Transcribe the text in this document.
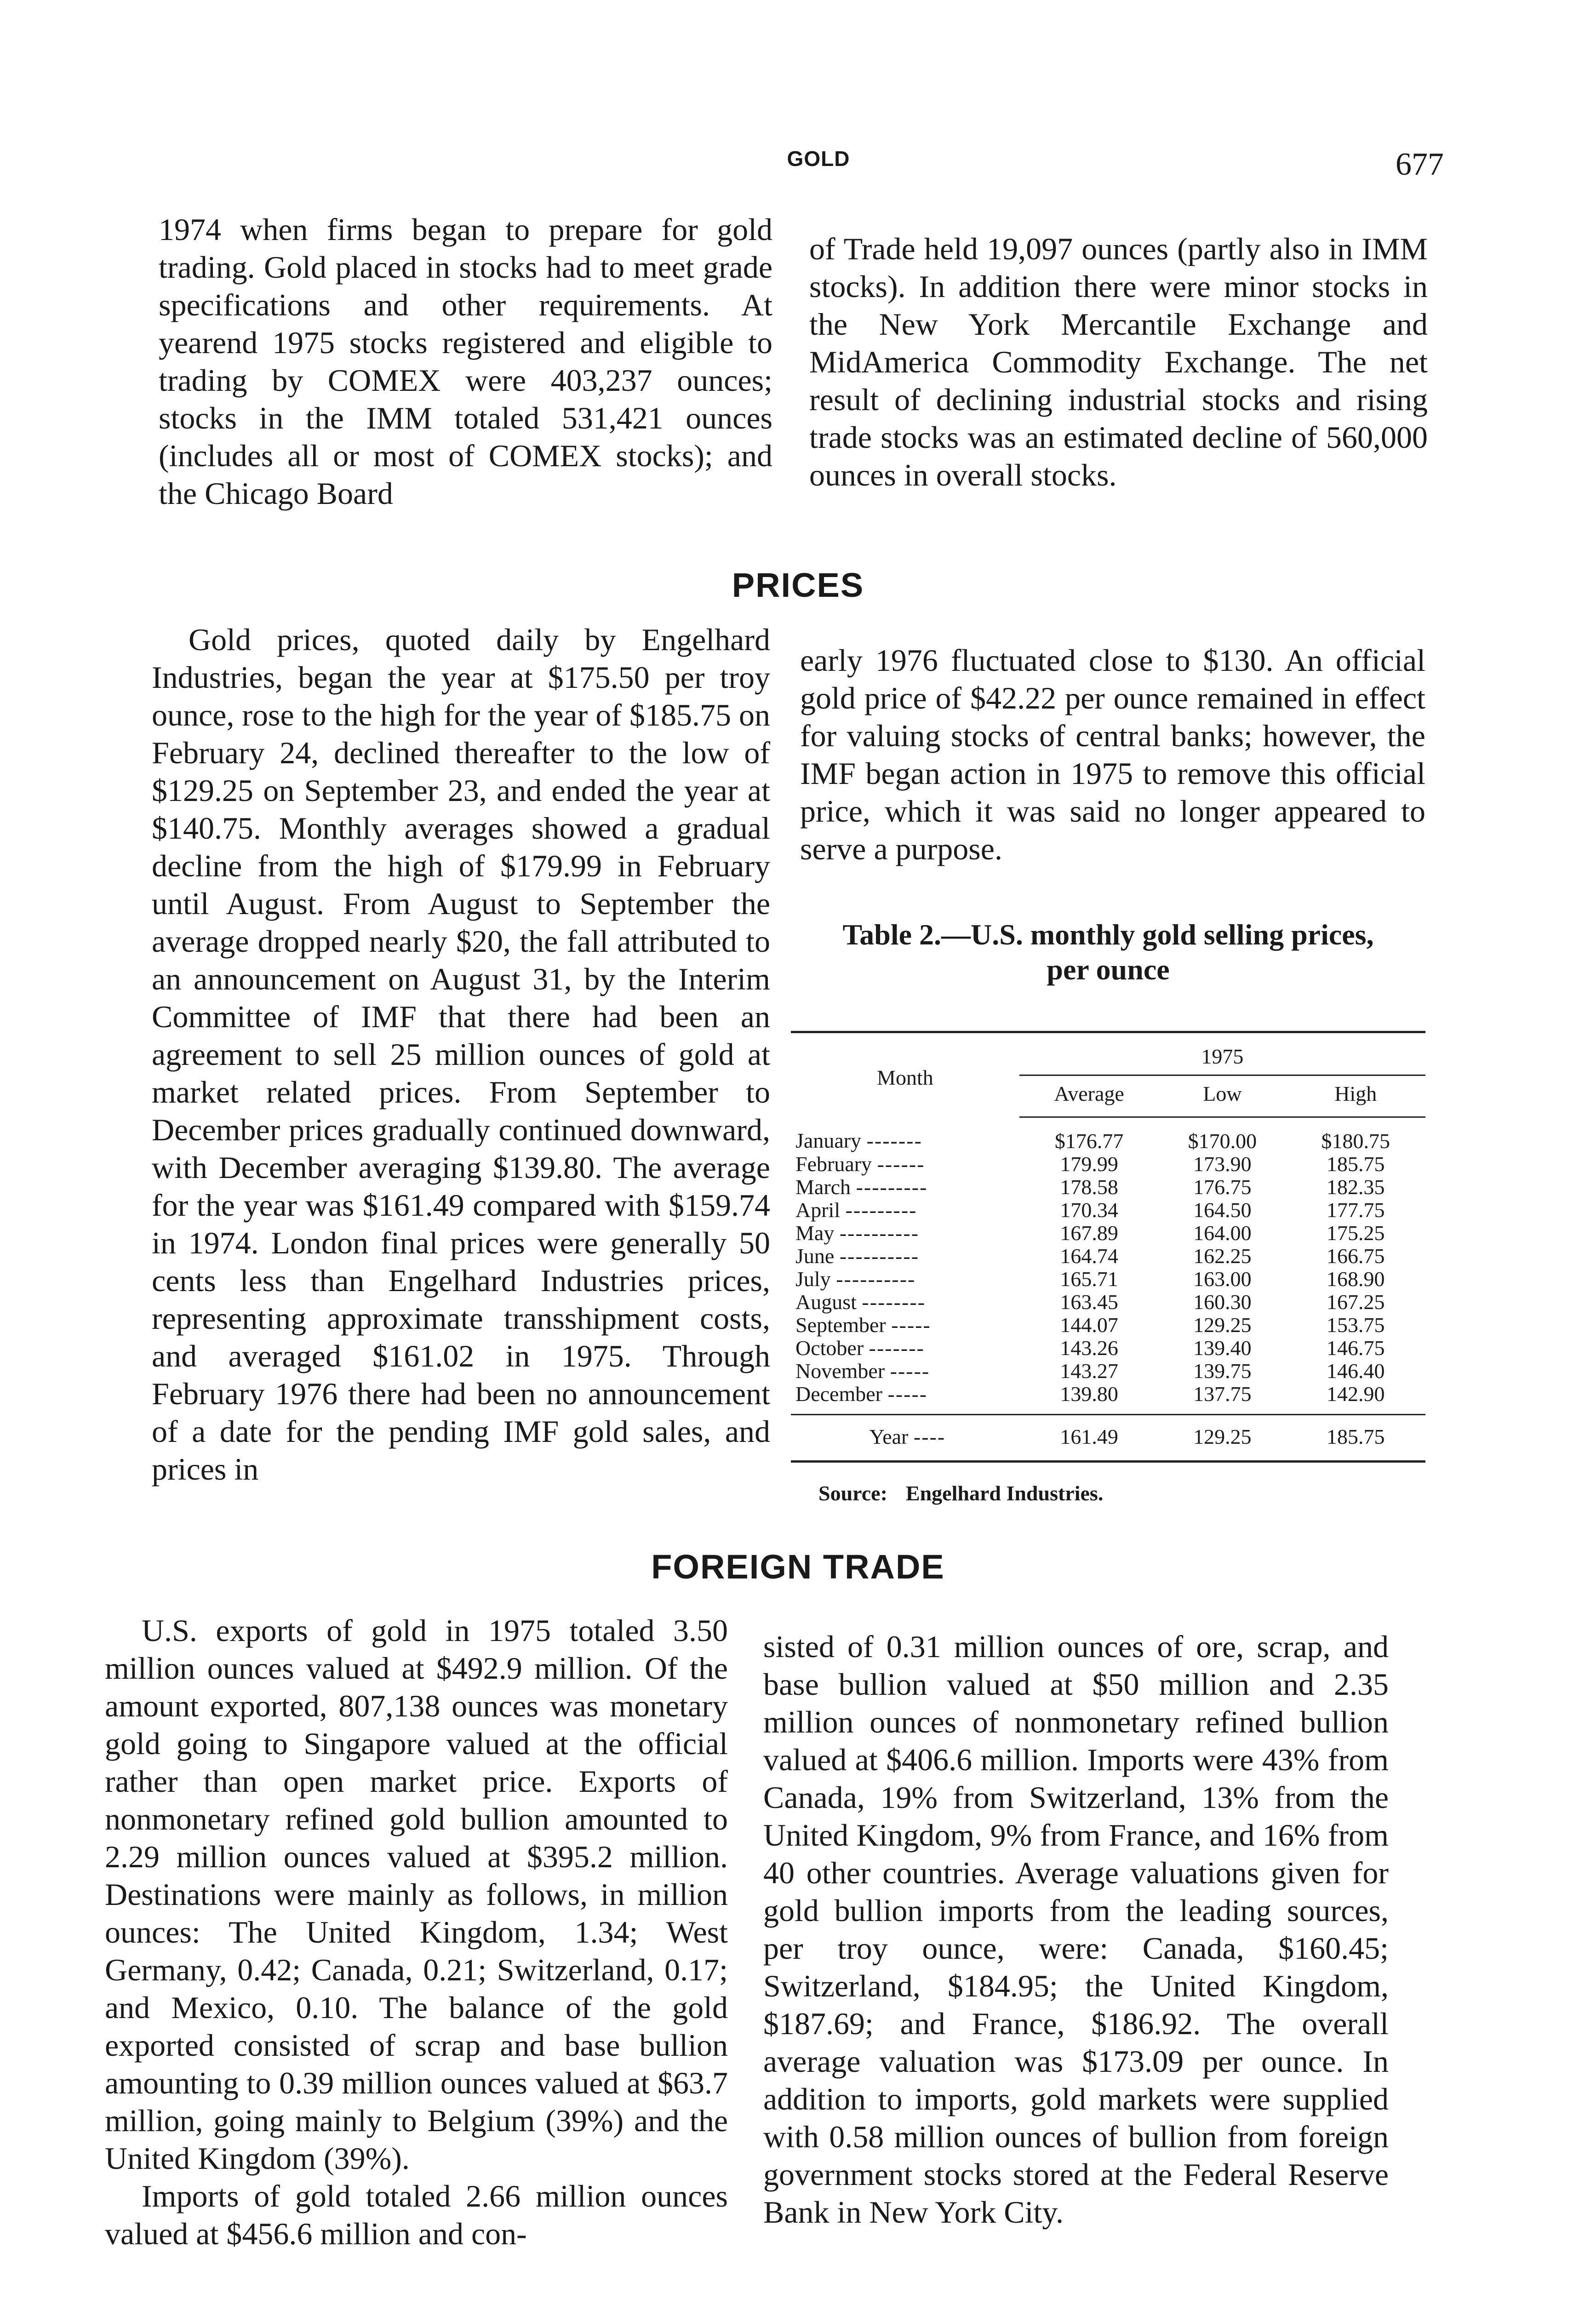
GOLD	677

1974 when firms began to prepare for gold trading. Gold placed in stocks had to meet grade specifications and other requirements. At yearend 1975 stocks registered and eligible to trading by COMEX were 403,237 ounces; stocks in the IMM totaled 531,421 ounces (includes all or most of COMEX stocks); and the Chicago Board

of Trade held 19,097 ounces (partly also in IMM stocks). In addition there were minor stocks in the New York Mercantile Exchange and MidAmerica Commodity Exchange. The net result of declining industrial stocks and rising trade stocks was an estimated decline of 560,000 ounces in overall stocks.

PRICES

Gold prices, quoted daily by Engelhard Industries, began the year at $175.50 per troy ounce, rose to the high for the year of $185.75 on February 24, declined thereafter to the low of $129.25 on September 23, and ended the year at $140.75. Monthly averages showed a gradual decline from the high of $179.99 in February until August. From August to September the average dropped nearly $20, the fall attributed to an announcement on August 31, by the Interim Committee of IMF that there had been an agreement to sell 25 million ounces of gold at market related prices. From September to December prices gradually continued downward, with December averaging $139.80. The average for the year was $161.49 compared with $159.74 in 1974. London final prices were generally 50 cents less than Engelhard Industries prices, representing approximate transshipment costs, and averaged $161.02 in 1975. Through February 1976 there had been no announcement of a date for the pending IMF gold sales, and prices in

early 1976 fluctuated close to $130. An official gold price of $42.22 per ounce remained in effect for valuing stocks of central banks; however, the IMF began action in 1975 to remove this official price, which it was said no longer appeared to serve a purpose.

Table 2.—U.S. monthly gold selling prices,
per ounce
Month	1975		
	Average	Low	High
January -------	$176.77	$170.00	$180.75
February ------	179.99	173.90	185.75
March ---------	178.58	176.75	182.35
April ---------	170.34	164.50	177.75
May ----------	167.89	164.00	175.25
June ----------	164.74	162.25	166.75
July ----------	165.71	163.00	168.90
August --------	163.45	160.30	167.25
September -----	144.07	129.25	153.75
October -------	143.26	139.40	146.75
November -----	143.27	139.75	146.40
December -----	139.80	137.75	142.90
Year ----	161.49	129.25	185.75
Source: Engelhard Industries.
FOREIGN TRADE

U.S. exports of gold in 1975 totaled 3.50 million ounces valued at $492.9 million. Of the amount exported, 807,138 ounces was monetary gold going to Singapore valued at the official rather than open market price. Exports of nonmonetary refined gold bullion amounted to 2.29 million ounces valued at $395.2 million. Destinations were mainly as follows, in million ounces: The United Kingdom, 1.34; West Germany, 0.42; Canada, 0.21; Switzerland, 0.17; and Mexico, 0.10. The balance of the gold exported consisted of scrap and base bullion amounting to 0.39 million ounces valued at $63.7 million, going mainly to Belgium (39%) and the United Kingdom (39%).

Imports of gold totaled 2.66 million ounces valued at $456.6 million and con-

sisted of 0.31 million ounces of ore, scrap, and base bullion valued at $50 million and 2.35 million ounces of nonmonetary refined bullion valued at $406.6 million. Imports were 43% from Canada, 19% from Switzerland, 13% from the United Kingdom, 9% from France, and 16% from 40 other countries. Average valuations given for gold bullion imports from the leading sources, per troy ounce, were: Canada, $160.45; Switzerland, $184.95; the United Kingdom, $187.69; and France, $186.92. The overall average valuation was $173.09 per ounce. In addition to imports, gold markets were supplied with 0.58 million ounces of bullion from foreign government stocks stored at the Federal Reserve Bank in New York City.
